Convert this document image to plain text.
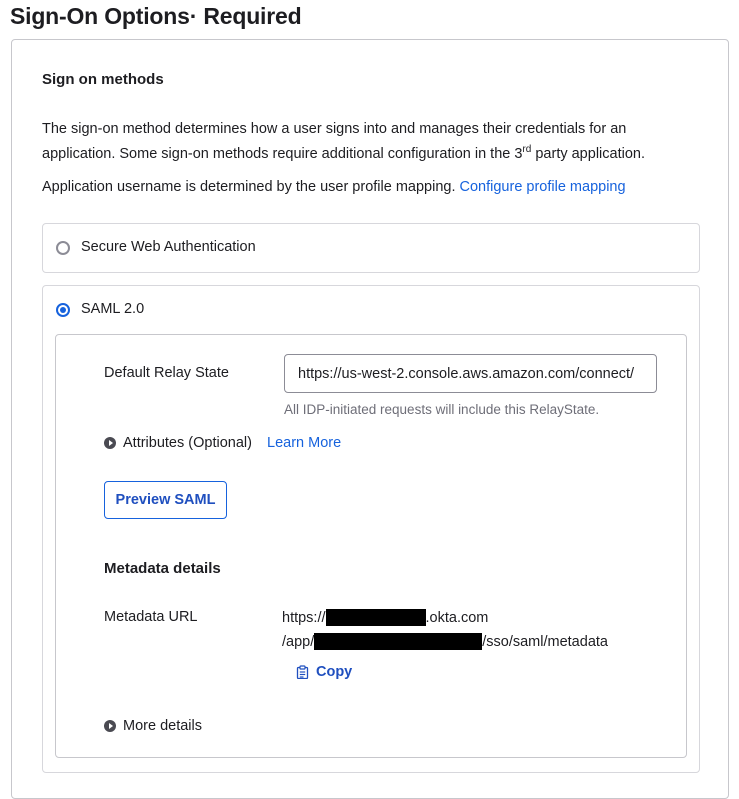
Sign-On Options· Required
Sign on methods

The sign-on method determines how a user signs into and manages their credentials for an application. Some sign-on methods require additional configuration in the 3rd party application.

Application username is determined by the user profile mapping. Configure profile mapping

Secure Web Authentication
SAML 2.0
Default Relay State
https://us-west-2.console.aws.amazon.com/connect/
All IDP-initiated requests will include this RelayState.
Attributes (Optional) Learn More
Preview SAML
Metadata details
Metadata URL	https://	.okta.com
/app/	/sso/saml/metadata
Copy
More details
